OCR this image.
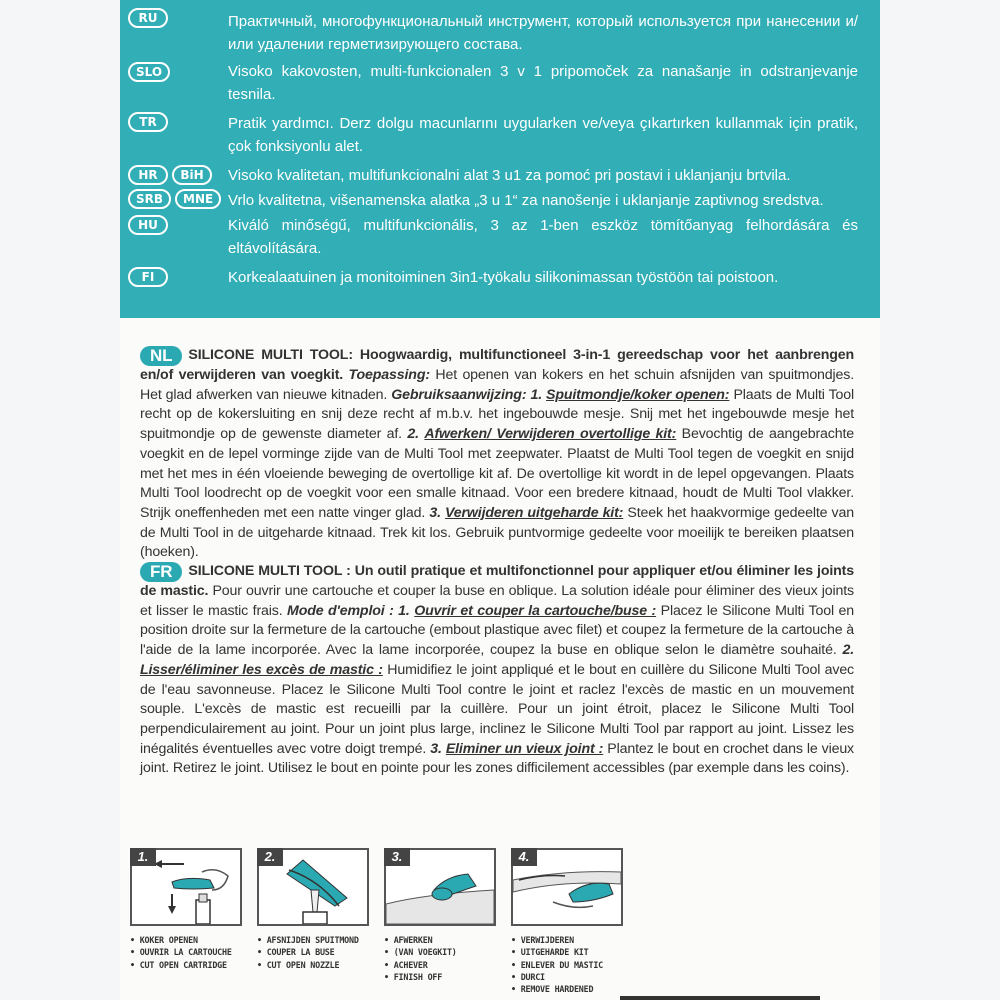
RU	Практичный, многофункциональный инструмент, который используется при нанесении и/или удалении герметизирующего состава.

SLO	Visoko kakovosten, multi-funkcionalen 3 v 1 pripomoček za nanašanje in odstranjevanje tesnila.

TR	Pratik yardımcı. Derz dolgu macunlarını uygularken ve/veya çıkartırken kullanmak için pratik, çok fonksiyonlu alet.

HR	BiH	Visoko kvalitetan, multifunkcionalni alat 3 u1 za pomoć pri postavi i uklanjanju brtvila.

SRB	MNE Vrlo kvalitetna, višenamenska alatka „3 u 1“ za nanošenje i uklanjanje zaptivnog sredstva.

HU	Kiváló minőségű, multifunkcionális, 3 az 1-ben eszköz tömítőanyag felhordására és eltávolítására.

FI	Korkealaatuinen ja monitoiminen 3in1-työkalu silikonimassan työstöön tai poistoon.

NL SILICONE MULTI TOOL: Hoogwaardig, multifunctioneel 3-in-1 gereedschap voor het aanbrengen en/of verwijderen van voegkit. Toepassing: Het openen van kokers en het schuin afsnijden van spuitmondjes. Het glad afwerken van nieuwe kitnaden. Gebruiksaanwijzing: 1. Spuitmondje/koker openen: Plaats de Multi Tool recht op de kokersluiting en snij deze recht af m.b.v. het ingebouwde mesje. Snij met het ingebouwde mesje het spuitmondje op de gewenste diameter af. 2. Afwerken/ Verwijderen overtollige kit: Bevochtig de aangebrachte voegkit en de lepel vorminge zijde van de Multi Tool met zeepwater. Plaatst de Multi Tool tegen de voegkit en snijd met het mes in één vloeiende beweging de overtollige kit af. De overtollige kit wordt in de lepel opgevangen. Plaats Multi Tool loodrecht op de voegkit voor een smalle kitnaad. Voor een bredere kitnaad, houdt de Multi Tool vlakker. Strijk oneffenheden met een natte vinger glad. 3. Verwijderen uitgeharde kit: Steek het haakvormige gedeelte van de Multi Tool in de uitgeharde kitnaad. Trek kit los. Gebruik puntvormige gedeelte voor moeilijk te bereiken plaatsen (hoeken).

FR SILICONE MULTI TOOL : Un outil pratique et multifonctionnel pour appliquer et/ou éliminer les joints de mastic. Pour ouvrir une cartouche et couper la buse en oblique. La solution idéale pour éliminer des vieux joints et lisser le mastic frais. Mode d'emploi : 1. Ouvrir et couper la cartouche/buse : Placez le Silicone Multi Tool en position droite sur la fermeture de la cartouche (embout plastique avec filet) et coupez la fermeture de la cartouche à l'aide de la lame incorporée. Avec la lame incorporée, coupez la buse en oblique selon le diamètre souhaité. 2. Lisser/éliminer les excès de mastic : Humidifiez le joint appliqué et le bout en cuillère du Silicone Multi Tool avec de l'eau savonneuse. Placez le Silicone Multi Tool contre le joint et raclez l'excès de mastic en un mouvement souple. L'excès de mastic est recueilli par la cuillère. Pour un joint étroit, placez le Silicone Multi Tool perpendiculairement au joint. Pour un joint plus large, inclinez le Silicone Multi Tool par rapport au joint. Lissez les inégalités éventuelles avec votre doigt trempé. 3. Eliminer un vieux joint : Plantez le bout en crochet dans le vieux joint. Retirez le joint. Utilisez le bout en pointe pour les zones difficilement accessibles (par exemple dans les coins).

1.
• KOKER OPENEN
• OUVRIR LA CARTOUCHE
• CUT OPEN CARTRIDGE
2.
• AFSNIJDEN SPUITMOND
• COUPER LA BUSE
• CUT OPEN NOZZLE
3.
• AFWERKEN
• (VAN VOEGKIT)
• ACHEVER
• FINISH OFF
4.
• VERWIJDEREN
• UITGEHARDE KIT
• ENLEVER DU MASTIC
• DURCI
• REMOVE HARDENED
